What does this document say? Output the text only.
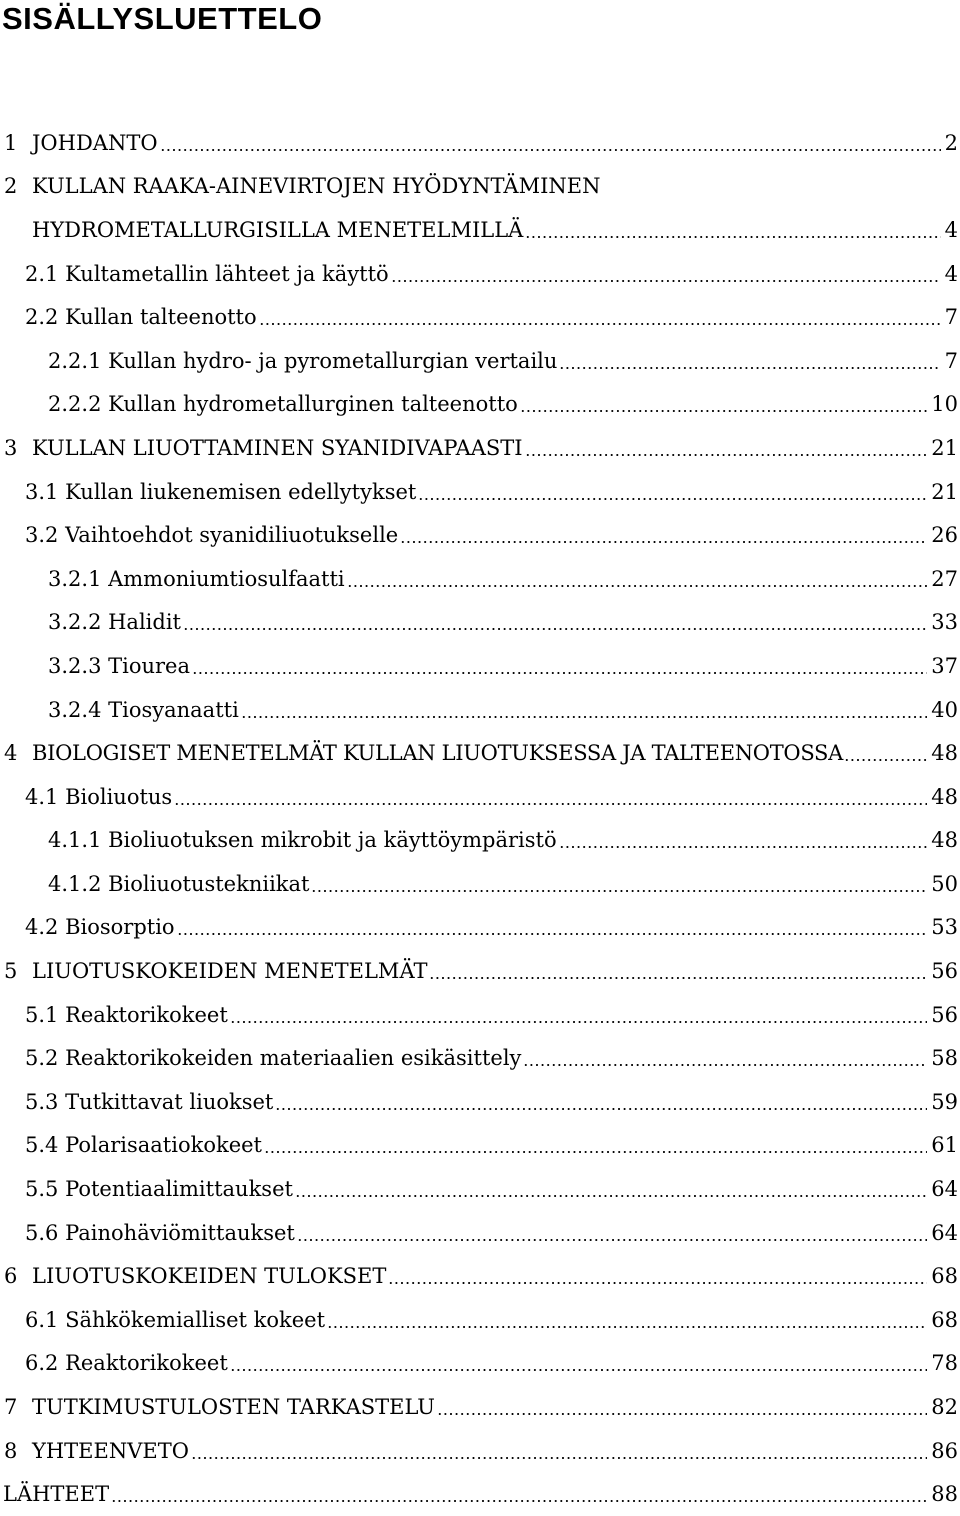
SISÄLLYSLUETTELO
1 JOHDANTO	2
2 KULLAN RAAKA-AINEVIRTOJEN HYÖDYNTÄMINEN
HYDROMETALLURGISILLA MENETELMILLÄ	4
2.1 Kultametallin lähteet ja käyttö	4
2.2 Kullan talteenotto	7
2.2.1 Kullan hydro- ja pyrometallurgian vertailu	7
2.2.2 Kullan hydrometallurginen talteenotto	10
3 KULLAN LIUOTTAMINEN SYANIDIVAPAASTI	21
3.1 Kullan liukenemisen edellytykset	21
3.2 Vaihtoehdot syanidiliuotukselle	26
3.2.1 Ammoniumtiosulfaatti	27
3.2.2 Halidit	33
3.2.3 Tiourea	37
3.2.4 Tiosyanaatti	40
4 BIOLOGISET MENETELMÄT KULLAN LIUOTUKSESSA JA TALTEENOTOSSA	48
4.1 Bioliuotus	48
4.1.1 Bioliuotuksen mikrobit ja käyttöympäristö	48
4.1.2 Bioliuotustekniikat	50
4.2 Biosorptio	53
5 LIUOTUSKOKEIDEN MENETELMÄT	56
5.1 Reaktorikokeet	56
5.2 Reaktorikokeiden materiaalien esikäsittely	58
5.3 Tutkittavat liuokset	59
5.4 Polarisaatiokokeet	61
5.5 Potentiaalimittaukset	64
5.6 Painohäviömittaukset	64
6 LIUOTUSKOKEIDEN TULOKSET	68
6.1 Sähkökemialliset kokeet	68
6.2 Reaktorikokeet	78
7 TUTKIMUSTULOSTEN TARKASTELU	82
8 YHTEENVETO	86
LÄHTEET	88
